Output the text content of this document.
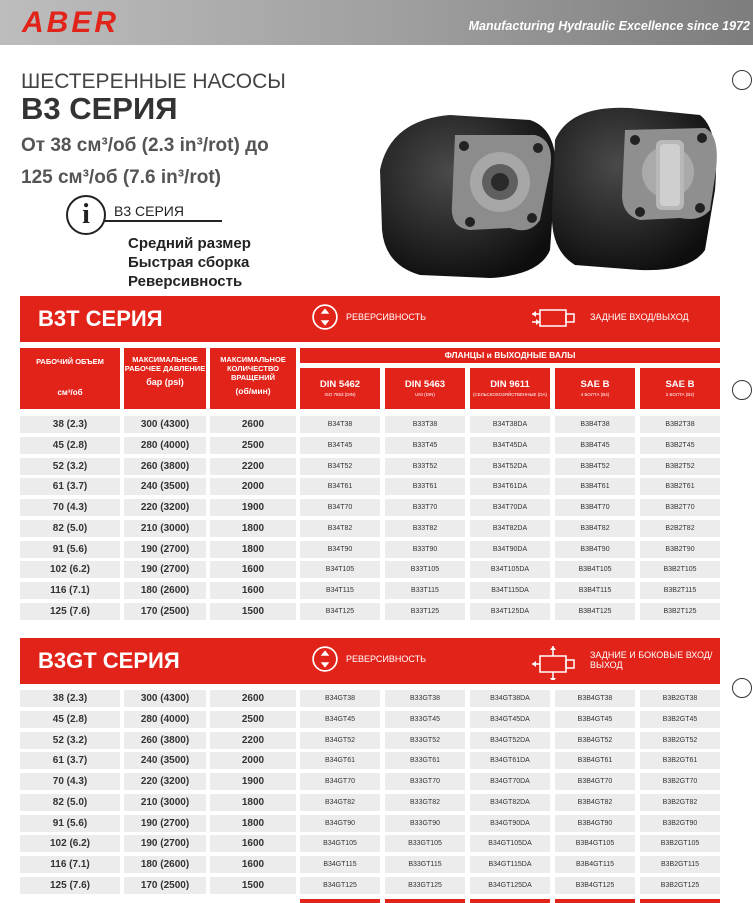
ABER	Manufacturing Hydraulic Excellence since 1972
ШЕСТЕРЕННЫЕ НАСОСЫ
B3 СЕРИЯ
От 38 см³/об (2.3 in³/rot) до
125 см³/об (7.6 in³/rot)
i	B3 СЕРИЯ
Средний размер
Быстрая сборка
Реверсивность
B3T СЕРИЯ	РЕВЕРСИВНОСТЬ	ЗАДНИЕ ВХОД/ВЫХОД
РАБОЧИЙ ОБЪЕМ
см³/об
МАКСИМАЛЬНОЕ РАБОЧЕЕ ДАВЛЕНИЕ
бар (psi)
МАКСИМАЛЬНОЕ КОЛИЧЕСТВО ВРАЩЕНИЙ
(об/мин)
ФЛАНЦЫ и ВЫХОДНЫЕ ВАЛЫ
DIN 5462
ISO 7653 (DIN)
DIN 5463
UNI (DIN)
DIN 9611
(СЕЛЬСКОХОЗЯЙСТВЕННЫЕ (DA)
SAE B
4 БОЛТА (B4)
SAE B
2 БОЛТА (B2)
38 (2.3)	300 (4300)	2600	B34T38	B33T38	B34T38DA	B3B4T38	B3B2T38
45 (2.8)	280 (4000)	2500	B34T45	B33T45	B34T45DA	B3B4T45	B3B2T45
52 (3.2)	260 (3800)	2200	B34T52	B33T52	B34T52DA	B3B4T52	B3B2T52
61 (3.7)	240 (3500)	2000	B34T61	B33T61	B34T61DA	B3B4T61	B3B2T61
70 (4.3)	220 (3200)	1900	B34T70	B33T70	B34T70DA	B3B4T70	B3B2T70
82 (5.0)	210 (3000)	1800	B34T82	B33T82	B34T82DA	B3B4T82	B2B2T82
91 (5.6)	190 (2700)	1800	B34T90	B33T90	B34T90DA	B3B4T90	B3B2T90
102 (6.2)	190 (2700)	1600	B34T105	B33T105	B34T105DA	B3B4T105	B3B2T105
116 (7.1)	180 (2600)	1600	B34T115	B33T115	B34T115DA	B3B4T115	B3B2T115
125 (7.6)	170 (2500)	1500	B34T125	B33T125	B34T125DA	B3B4T125	B3B2T125
B3GT СЕРИЯ	РЕВЕРСИВНОСТЬ	ЗАДНИЕ И БОКОВЫЕ ВХОД/ВЫХОД
38 (2.3)	300 (4300)	2600	B34GT38	B33GT38	B34GT38DA	B3B4GT38	B3B2GT38
45 (2.8)	280 (4000)	2500	B34GT45	B33GT45	B34GT45DA	B3B4GT45	B3B2GT45
52 (3.2)	260 (3800)	2200	B34GT52	B33GT52	B34GT52DA	B3B4GT52	B3B2GT52
61 (3.7)	240 (3500)	2000	B34GT61	B33GT61	B34GT61DA	B3B4GT61	B3B2GT61
70 (4.3)	220 (3200)	1900	B34GT70	B33GT70	B34GT70DA	B3B4GT70	B3B2GT70
82 (5.0)	210 (3000)	1800	B34GT82	B33GT82	B34GT82DA	B3B4GT82	B3B2GT82
91 (5.6)	190 (2700)	1800	B34GT90	B33GT90	B34GT90DA	B3B4GT90	B3B2GT90
102 (6.2)	190 (2700)	1600	B34GT105	B33GT105	B34GT105DA	B3B4GT105	B3B2GT105
116 (7.1)	180 (2600)	1600	B34GT115	B33GT115	B34GT115DA	B3B4GT115	B3B2GT115
125 (7.6)	170 (2500)	1500	B34GT125	B33GT125	B34GT125DA	B3B4GT125	B3B2GT125
